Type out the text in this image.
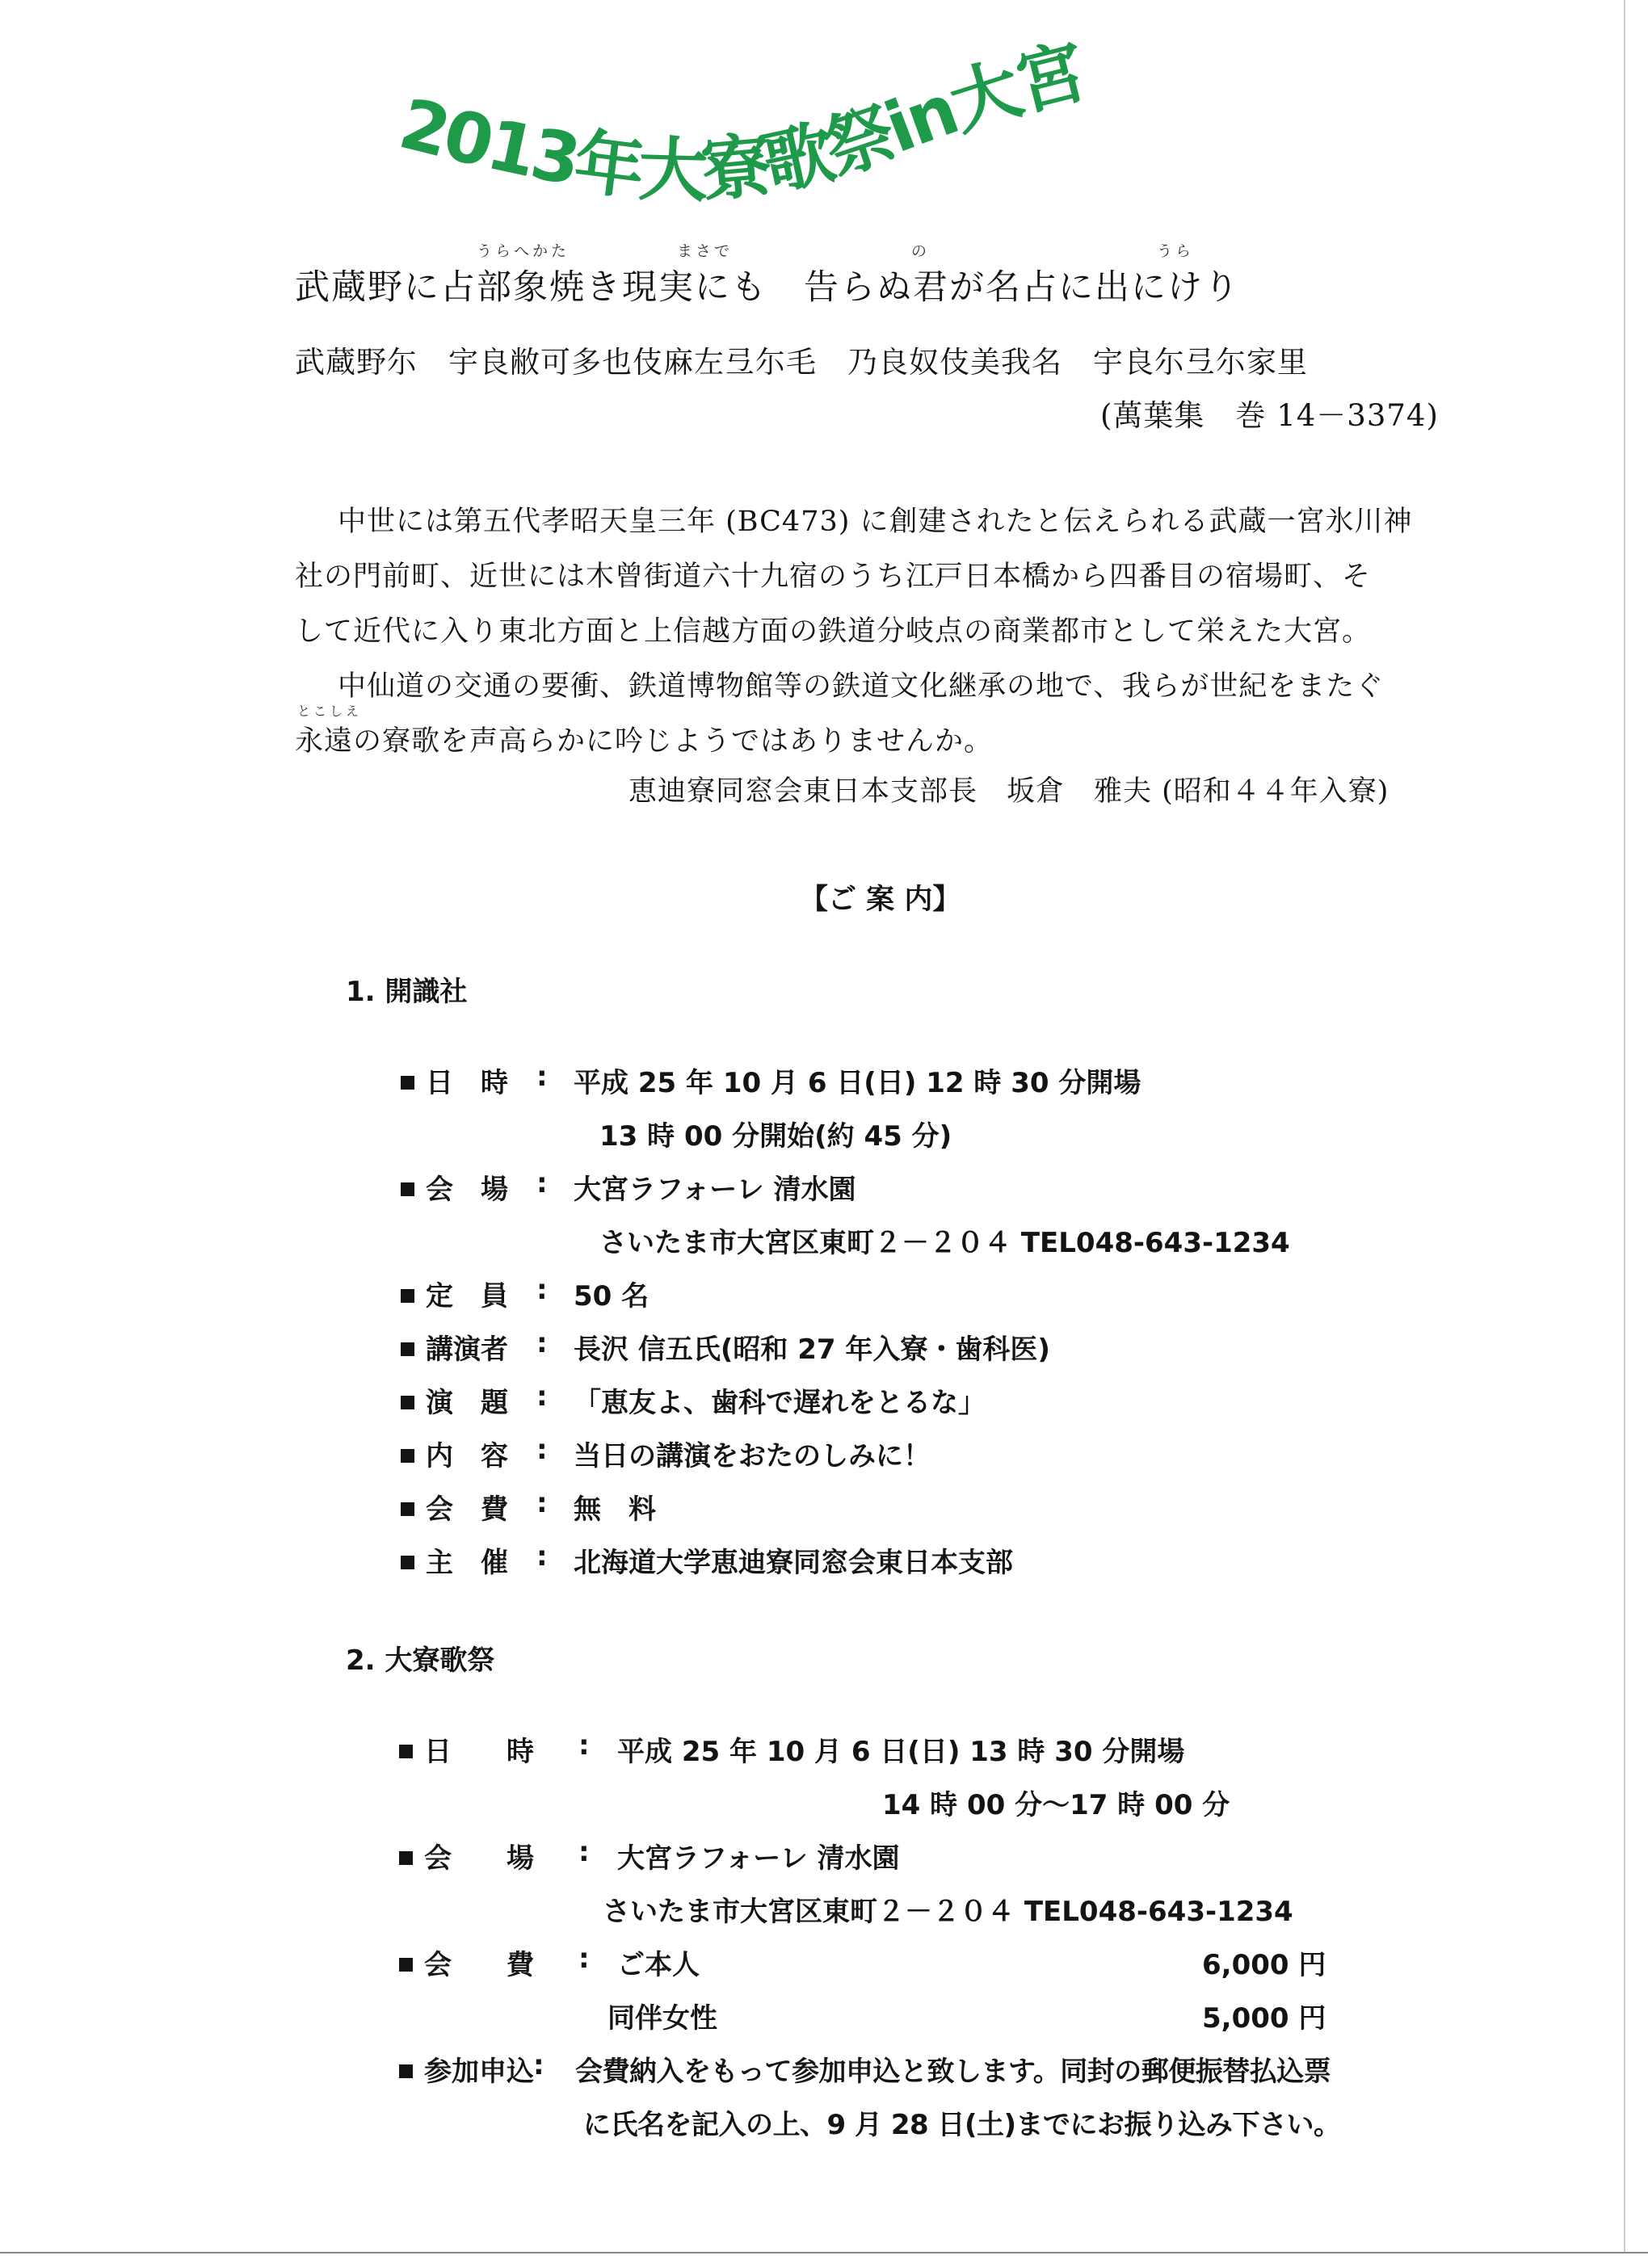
2013年大寮歌祭in大宮
うらへかた	まさで	の	うら
武蔵野に占部象焼き現実にも　告らぬ君が名占に出にけり
武蔵野尓　宇良敝可多也伎麻左弖尓毛　乃良奴伎美我名　宇良尓弖尓家里
(萬葉集　巻 14－3374)
中世には第五代孝昭天皇三年 (BC473) に創建されたと伝えられる武蔵一宮氷川神
社の門前町、近世には木曾街道六十九宿のうち江戸日本橋から四番目の宿場町、そ
して近代に入り東北方面と上信越方面の鉄道分岐点の商業都市として栄えた大宮。
中仙道の交通の要衝、鉄道博物館等の鉄道文化継承の地で、我らが世紀をまたぐ
とこしえ
永遠の寮歌を声高らかに吟じようではありませんか。
恵迪寮同窓会東日本支部長　坂倉　雅夫 (昭和４４年入寮)
【ご 案 内】
1. 開識社
日　時 : 平成 25 年 10 月 6 日(日) 12 時 30 分開場
13 時 00 分開始(約 45 分)
会　場 : 大宮ラフォーレ 清水園
さいたま市大宮区東町２－２０４ TEL048-643-1234
定　員 : 50 名
講演者 : 長沢 信五氏(昭和 27 年入寮・歯科医)
演　題 : 「恵友よ、歯科で遅れをとるな」
内　容 : 当日の講演をおたのしみに！
会　費 : 無　料
主　催 : 北海道大学恵迪寮同窓会東日本支部
2. 大寮歌祭
日　　時 : 平成 25 年 10 月 6 日(日) 13 時 30 分開場
14 時 00 分～17 時 00 分
会　　場 : 大宮ラフォーレ 清水園
さいたま市大宮区東町２－２０４ TEL048-643-1234
会　　費 : ご本人	6,000 円
同伴女性	5,000 円
参加申込 : 会費納入をもって参加申込と致します。同封の郵便振替払込票
に氏名を記入の上、9 月 28 日(土)までにお振り込み下さい。
